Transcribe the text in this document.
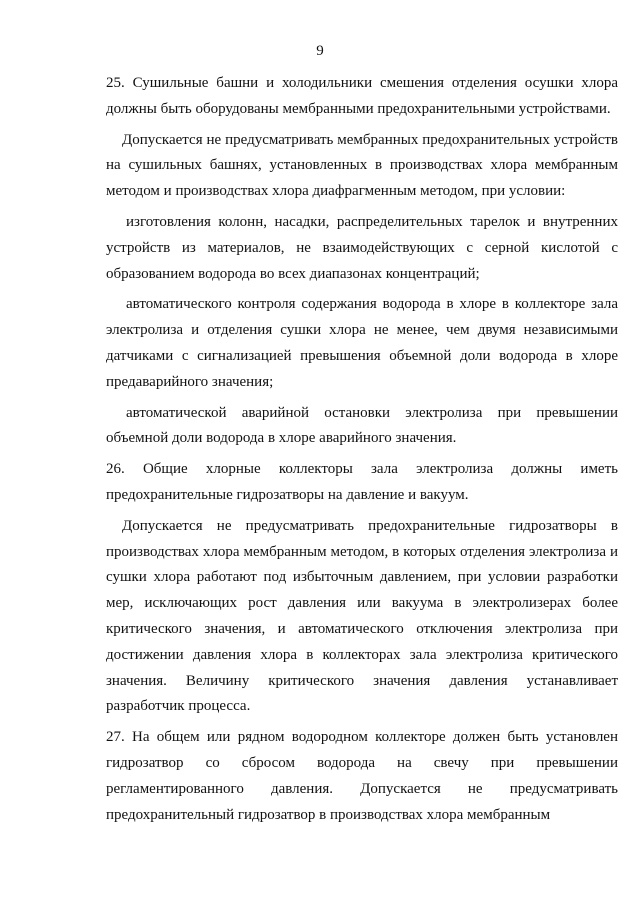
9

25. Сушильные башни и холодильники смешения отделения осушки хлора должны быть оборудованы мембранными предохранительными устройствами.

Допускается не предусматривать мембранных предохранительных устройств на сушильных башнях, установленных в производствах хлора мембранным методом и производствах хлора диафрагменным методом, при условии:

изготовления колонн, насадки, распределительных тарелок и внутренних устройств из материалов, не взаимодействующих с серной кислотой с образованием водорода во всех диапазонах концентраций;

автоматического контроля содержания водорода в хлоре в коллекторе зала электролиза и отделения сушки хлора не менее, чем двумя независимыми датчиками с сигнализацией превышения объемной доли водорода в хлоре предаварийного значения;

автоматической аварийной остановки электролиза при превышении объемной доли водорода в хлоре аварийного значения.

26. Общие хлорные коллекторы зала электролиза должны иметь предохранительные гидрозатворы на давление и вакуум.

Допускается не предусматривать предохранительные гидрозатворы в производствах хлора мембранным методом, в которых отделения электролиза и сушки хлора работают под избыточным давлением, при условии разработки мер, исключающих рост давления или вакуума в электролизерах более критического значения, и автоматического отключения электролиза при достижении давления хлора в коллекторах зала электролиза критического значения. Величину критического значения давления устанавливает разработчик процесса.

27. На общем или рядном водородном коллекторе должен быть установлен гидрозатвор со сбросом водорода на свечу при превышении регламентированного давления. Допускается не предусматривать предохранительный гидрозатвор в производствах хлора мембранным
